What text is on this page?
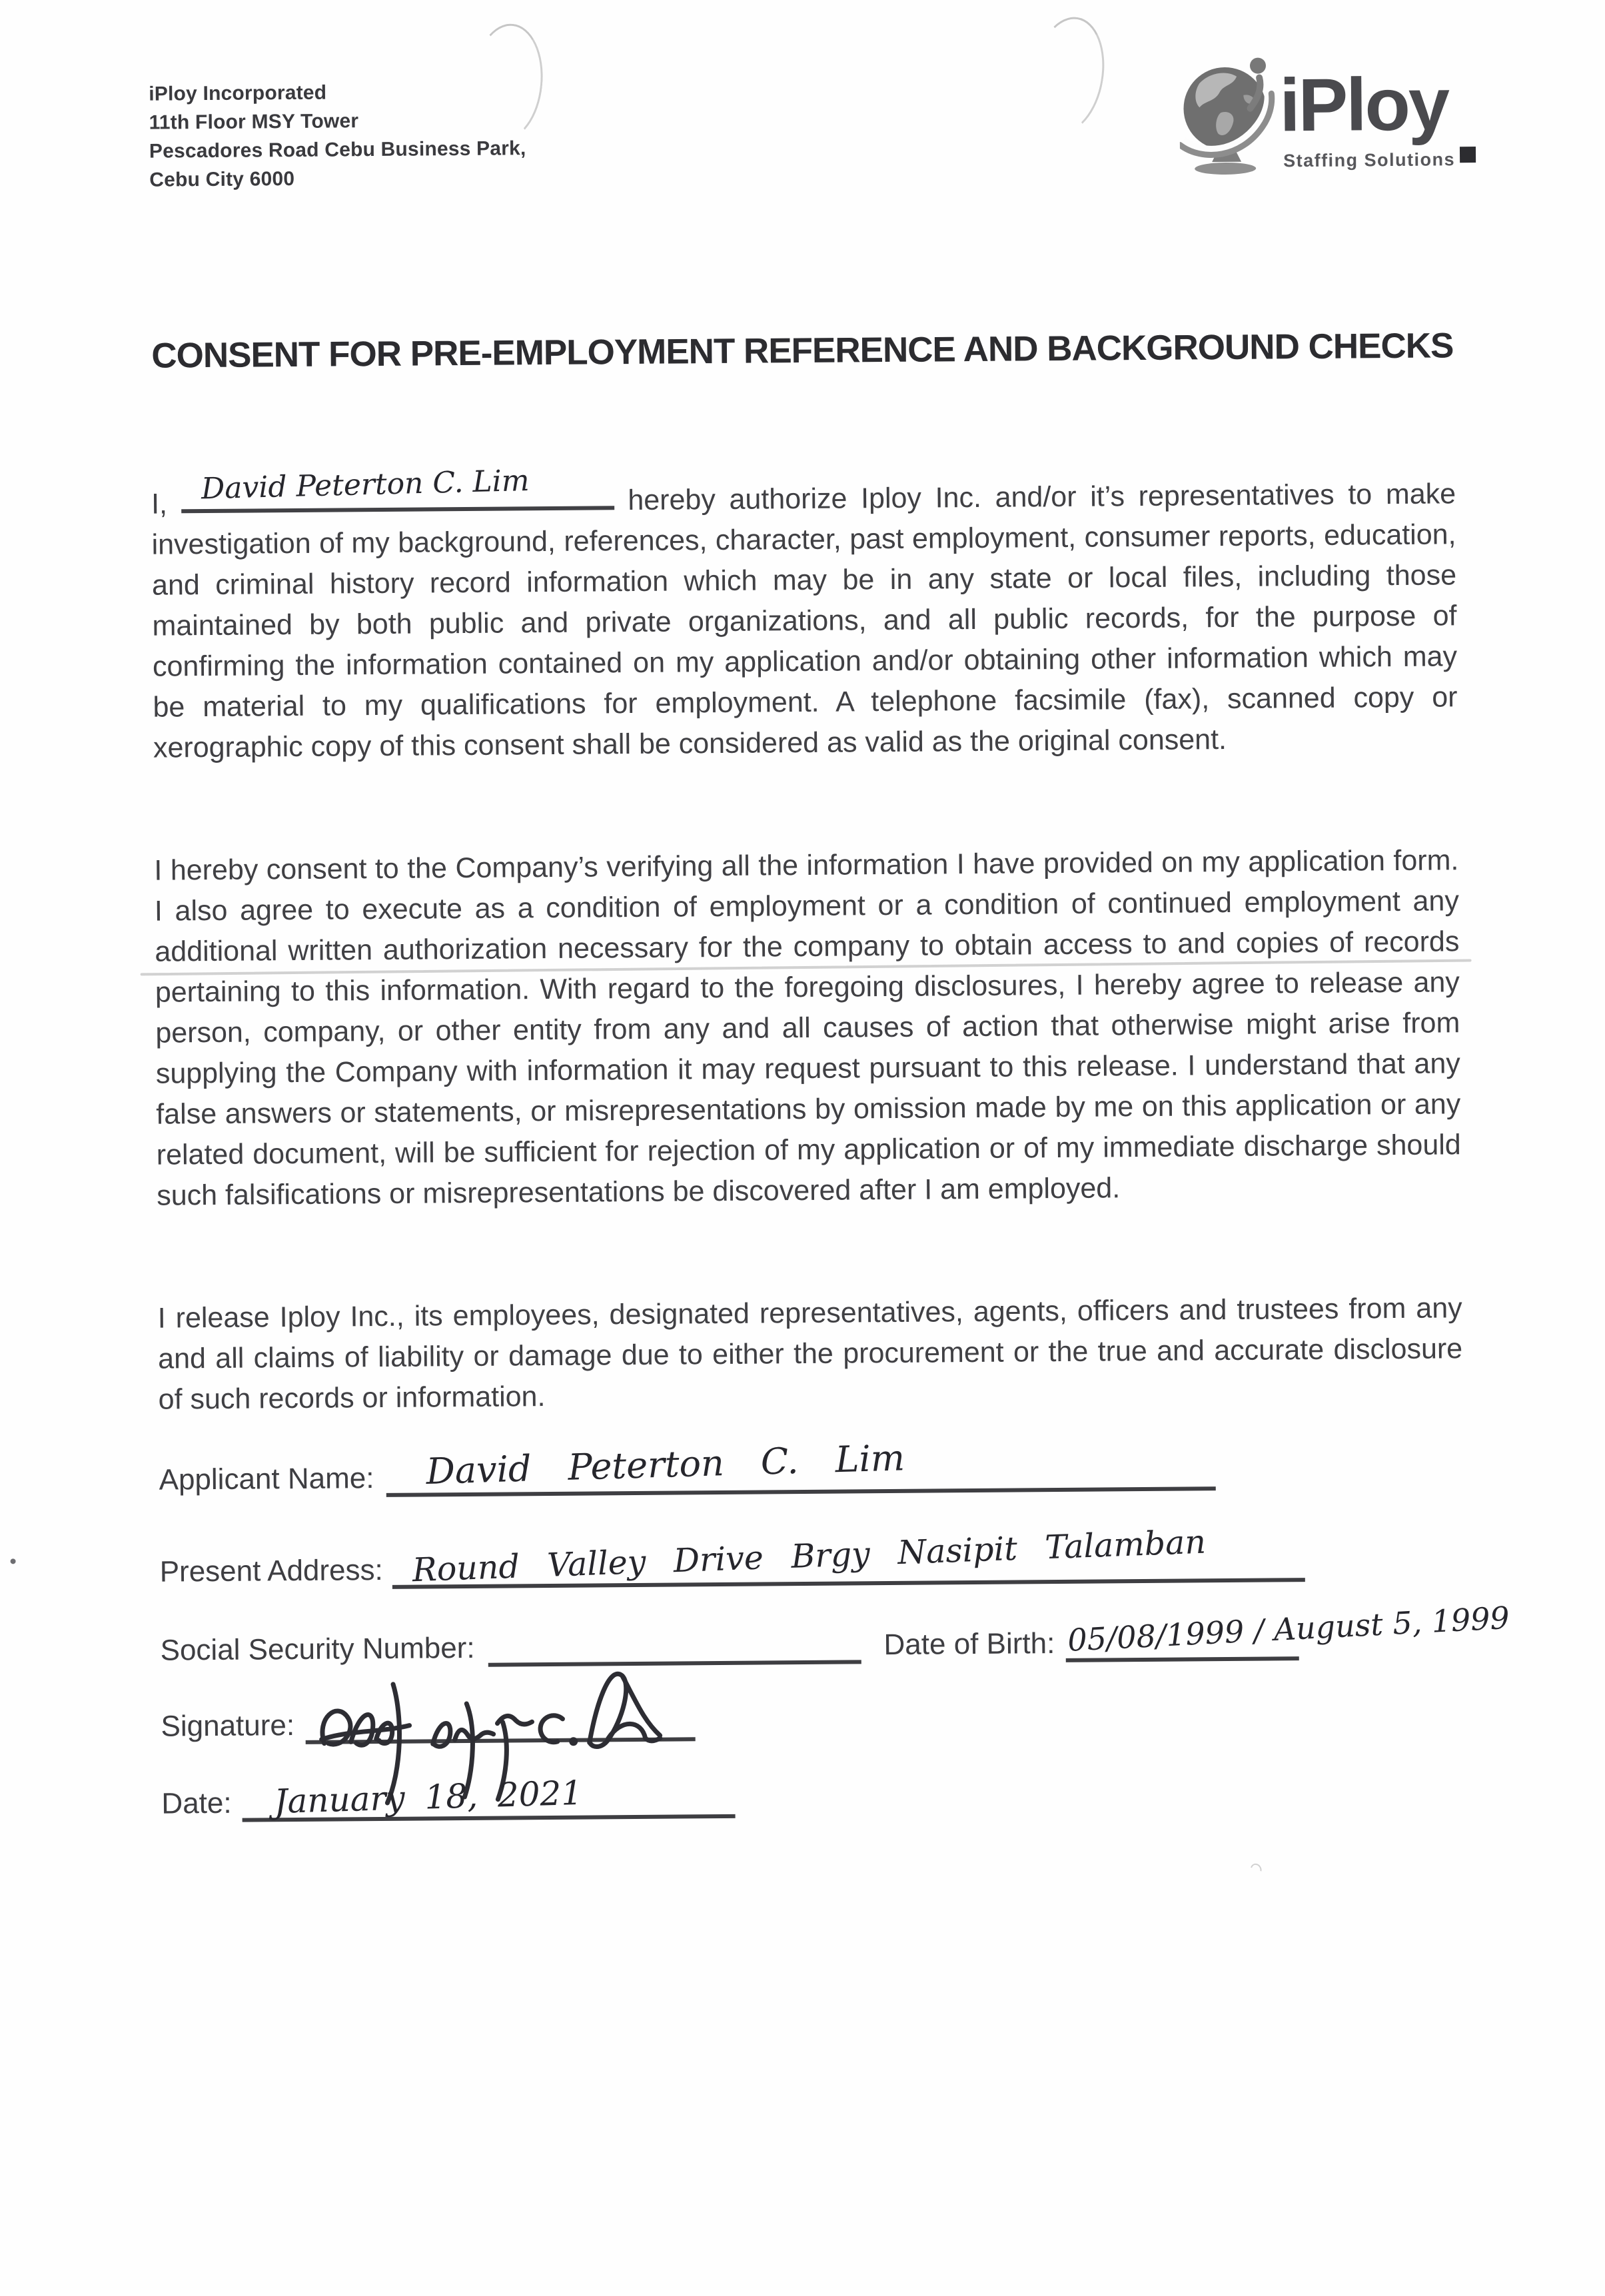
iPloy Incorporated
11th Floor MSY Tower
Pescadores Road Cebu Business Park,
Cebu City 6000
iPloy
Staffing Solutions
CONSENT FOR PRE-EMPLOYMENT REFERENCE AND BACKGROUND CHECKS

I, David Peterton C. Lim	hereby authorize Iploy Inc. and/or it’s representatives to make investigation of my background, references, character, past employment, consumer reports, education, and criminal history record information which may be in any state or local files, including those maintained by both public and private organizations, and all public records, for the purpose of confirming the information contained on my application and/or obtaining other information which may be material to my qualifications for employment. A telephone facsimile (fax), scanned copy or xerographic copy of this consent shall be considered as valid as the original consent.

I hereby consent to the Company’s verifying all the information I have provided on my application form. I also agree to execute as a condition of employment or a condition of continued employment any additional written authorization necessary for the company to obtain access to and copies of records pertaining to this information. With regard to the foregoing disclosures, I hereby agree to release any person, company, or other entity from any and all causes of action that otherwise might arise from supplying the Company with information it may request pursuant to this release. I understand that any false answers or statements, or misrepresentations by omission made by me on this application or any related document, will be sufficient for rejection of my application or of my immediate discharge should such falsifications or misrepresentations be discovered after I am employed.

I release Iploy Inc., its employees, designated representatives, agents, officers and trustees from any and all claims of liability or damage due to either the procurement or the true and accurate disclosure of such records or information.

Applicant Name: David Peterton C. Lim
Present Address: Round Valley Drive Brgy Nasipit Talamban
Social Security Number:	Date of Birth: 05/08/1999 / August 5, 1999
Signature:
Date: January 18, 2021
